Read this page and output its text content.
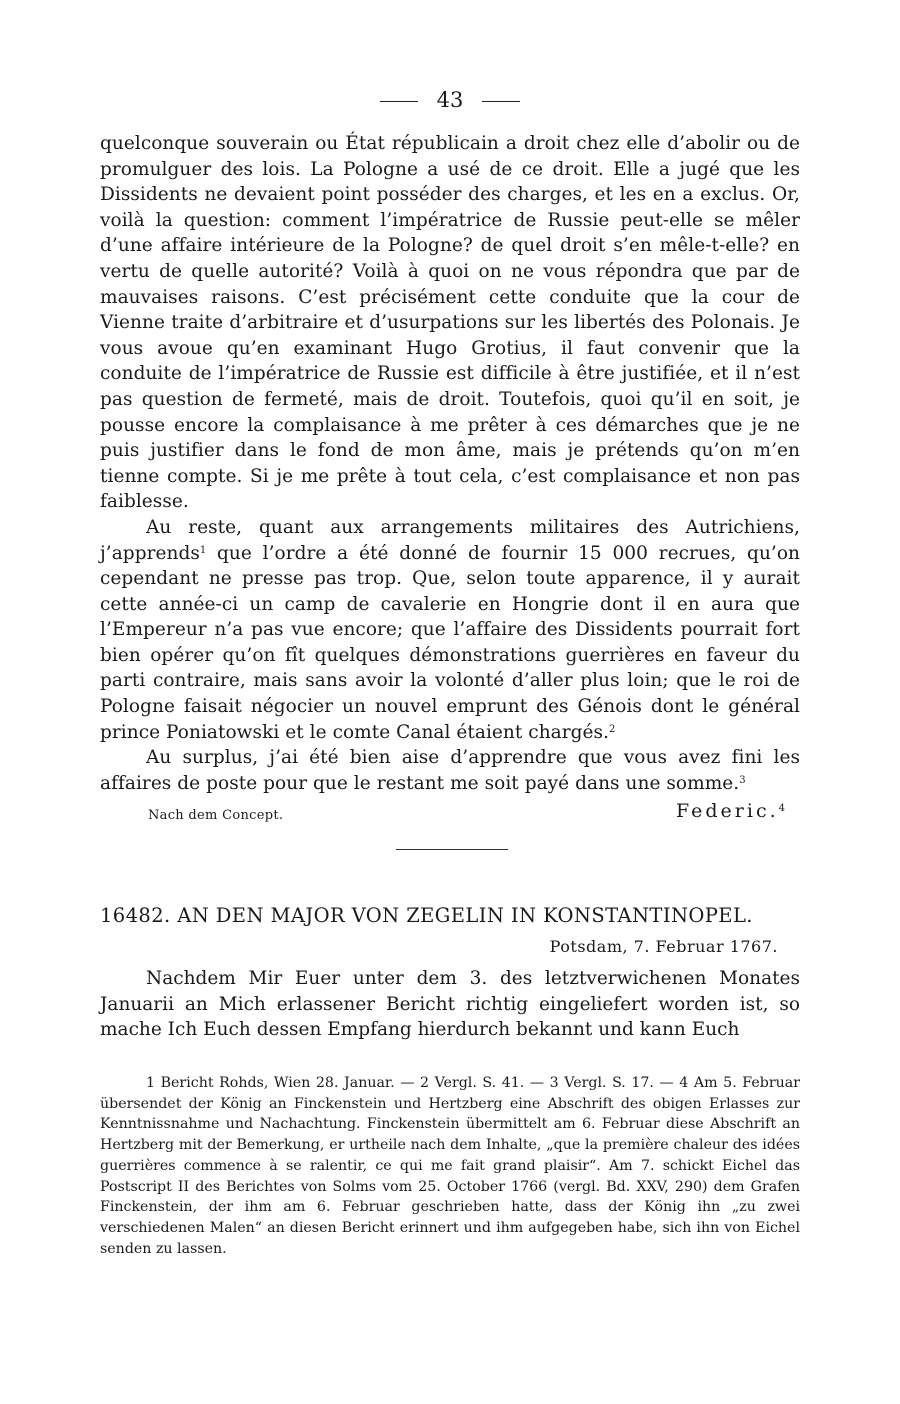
43

quelconque souverain ou État républicain a droit chez elle d’abolir ou de promulguer des lois. La Pologne a usé de ce droit. Elle a jugé que les Dissidents ne devaient point posséder des charges, et les en a exclus. Or, voilà la question: comment l’impératrice de Russie peut-elle se mêler d’une affaire intérieure de la Pologne? de quel droit s’en mêle-t-elle? en vertu de quelle autorité? Voilà à quoi on ne vous répondra que par de mauvaises raisons. C’est précisément cette conduite que la cour de Vienne traite d’arbitraire et d’usurpations sur les libertés des Polonais. Je vous avoue qu’en examinant Hugo Grotius, il faut convenir que la conduite de l’impératrice de Russie est difficile à être justifiée, et il n’est pas question de fermeté, mais de droit. Toutefois, quoi qu’il en soit, je pousse encore la complaisance à me prêter à ces démarches que je ne puis justifier dans le fond de mon âme, mais je prétends qu’on m’en tienne compte. Si je me prête à tout cela, c’est complaisance et non pas faiblesse.

Au reste, quant aux arrangements militaires des Autrichiens, j’apprends$^1$ que l’ordre a été donné de fournir 15 000 recrues, qu’on cependant ne presse pas trop. Que, selon toute apparence, il y aurait cette année-ci un camp de cavalerie en Hongrie dont il en aura que l’Empereur n’a pas vue encore; que l’affaire des Dissidents pourrait fort bien opérer qu’on fît quelques démonstrations guerrières en faveur du parti contraire, mais sans avoir la volonté d’aller plus loin; que le roi de Pologne faisait négocier un nouvel emprunt des Génois dont le général prince Poniatowski et le comte Canal étaient chargés.$^2$

Au surplus, j’ai été bien aise d’apprendre que vous avez fini les affaires de poste pour que le restant me soit payé dans une somme.$^3$

Nach dem Concept.	Federic.$^4$
16482. AN DEN MAJOR VON ZEGELIN IN KONSTANTINOPEL.
Potsdam, 7. Februar 1767.

Nachdem Mir Euer unter dem 3. des letztverwichenen Monates Januarii an Mich erlassener Bericht richtig eingeliefert worden ist, so mache Ich Euch dessen Empfang hierdurch bekannt und kann Euch

1 Bericht Rohds, Wien 28. Januar. — 2 Vergl. S. 41. — 3 Vergl. S. 17. — 4 Am 5. Februar übersendet der König an Finckenstein und Hertzberg eine Abschrift des obigen Erlasses zur Kenntnissnahme und Nachachtung. Finckenstein übermittelt am 6. Februar diese Abschrift an Hertzberg mit der Bemerkung, er urtheile nach dem Inhalte, „que la première chaleur des idées guerrières commence à se ralentir, ce qui me fait grand plaisir“. Am 7. schickt Eichel das Postscript II des Berichtes von Solms vom 25. October 1766 (vergl. Bd. XXV, 290) dem Grafen Finckenstein, der ihm am 6. Februar geschrieben hatte, dass der König ihn „zu zwei verschiedenen Malen“ an diesen Bericht erinnert und ihm aufgegeben habe, sich ihn von Eichel senden zu lassen.
